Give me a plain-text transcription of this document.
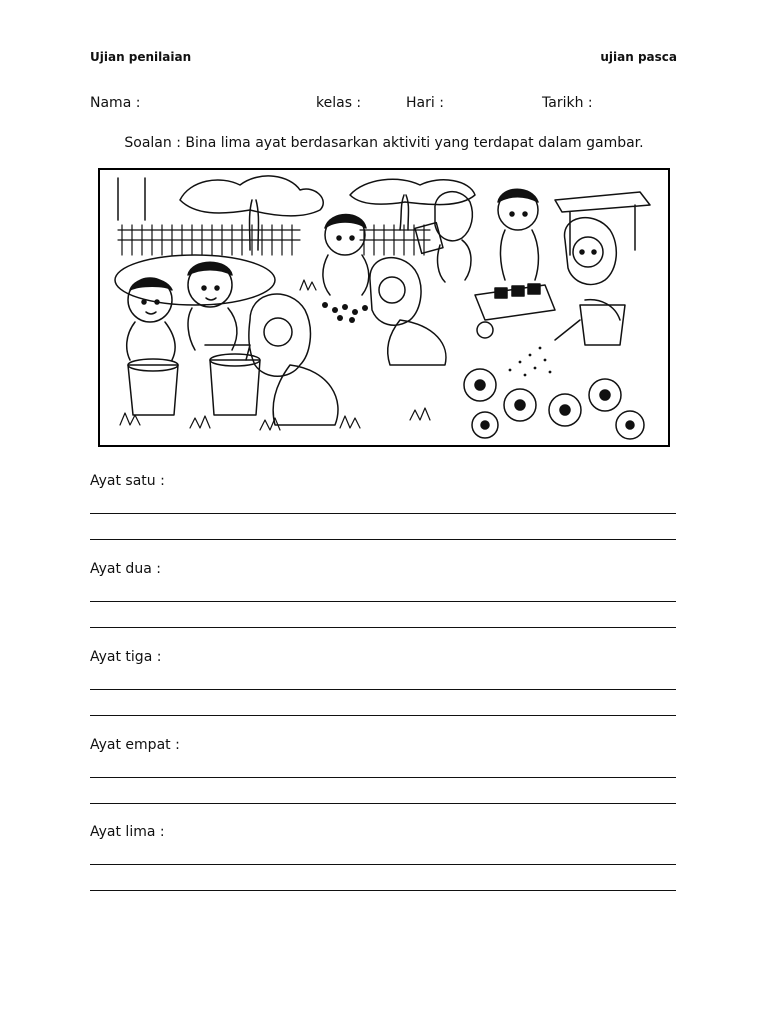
Ujian penilaian	ujian pasca
Nama :	kelas :	Hari :	Tarikh :
Soalan : Bina lima ayat berdasarkan aktiviti yang terdapat dalam gambar.
Ayat satu :
Ayat dua :
Ayat tiga :
Ayat empat :
Ayat lima :
